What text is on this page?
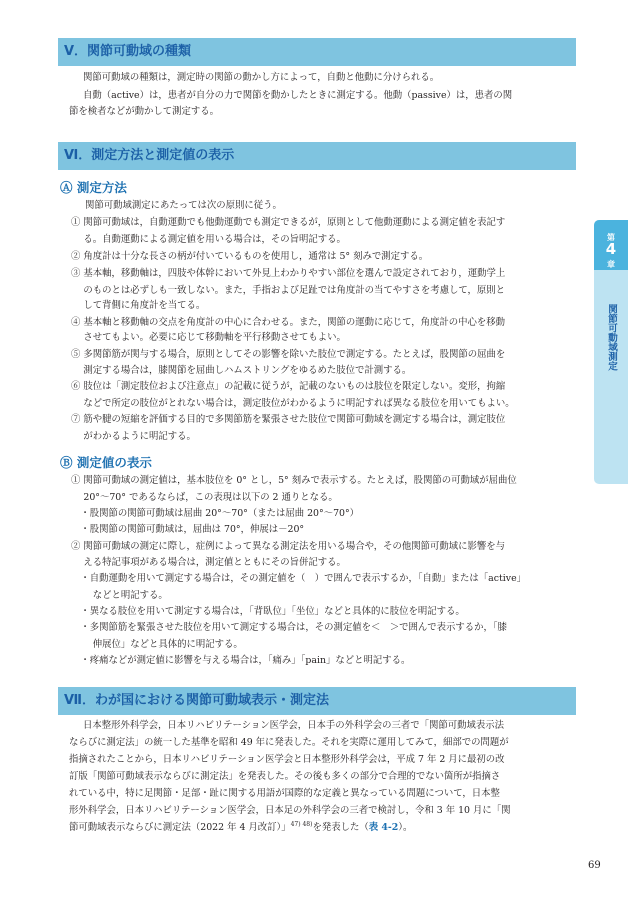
V．関節可動域の種類
関節可動域の種類は，測定時の関節の動かし方によって，自動と他動に分けられる。
自動（active）は，患者が自分の力で関節を動かしたときに測定する。他動（passive）は，患者の関
節を検者などが動かして測定する。
Ⅵ．測定方法と測定値の表示
Ⓐ 測定方法
関節可動域測定にあたっては次の原則に従う。
① 関節可動域は，自動運動でも他動運動でも測定できるが，原則として他動運動による測定値を表記す
　 る。自動運動による測定値を用いる場合は，その旨明記する。
② 角度計は十分な長さの柄が付いているものを使用し，通常は 5° 刻みで測定する。
③ 基本軸，移動軸は，四肢や体幹において外見上わかりやすい部位を選んで設定されており，運動学上
　 のものとは必ずしも一致しない。また，手指および足趾では角度計の当てやすさを考慮して，原則と
　 して背側に角度計を当てる。
④ 基本軸と移動軸の交点を角度計の中心に合わせる。また，関節の運動に応じて，角度計の中心を移動
　 させてもよい。必要に応じて移動軸を平行移動させてもよい。
⑤ 多関節筋が関与する場合，原則としてその影響を除いた肢位で測定する。たとえば，股関節の屈曲を
　 測定する場合は，膝関節を屈曲しハムストリングをゆるめた肢位で計測する。
⑥ 肢位は「測定肢位および注意点」の記載に従うが，記載のないものは肢位を限定しない。変形，拘縮
　 などで所定の肢位がとれない場合は，測定肢位がわかるように明記すれば異なる肢位を用いてもよい。
⑦ 筋や腱の短縮を評価する目的で多関節筋を緊張させた肢位で関節可動域を測定する場合は，測定肢位
　 がわかるように明記する。
Ⓑ 測定値の表示
① 関節可動域の測定値は，基本肢位を 0° とし，5° 刻みで表示する。たとえば，股関節の可動域が屈曲位
　 20°～70° であるならば，この表現は以下の 2 通りとなる。
　・股関節の関節可動域は屈曲 20°～70°（または屈曲 20°～70°）
　・股関節の関節可動域は，屈曲は 70°，伸展は－20°
② 関節可動域の測定に際し，症例によって異なる測定法を用いる場合や，その他関節可動域に影響を与
　 える特記事項がある場合は，測定値とともにその旨併記する。
　・自動運動を用いて測定する場合は，その測定値を（　）で囲んで表示するか，「自動」または「active」
　　 などと明記する。
　・異なる肢位を用いて測定する場合は，「背臥位」「坐位」などと具体的に肢位を明記する。
　・多関節筋を緊張させた肢位を用いて測定する場合は，その測定値を＜　＞で囲んで表示するか，「膝
　　 伸展位」などと具体的に明記する。
　・疼痛などが測定値に影響を与える場合は，「痛み」「pain」などと明記する。
Ⅶ．わが国における関節可動域表示・測定法
日本整形外科学会，日本リハビリテーション医学会，日本手の外科学会の三者で「関節可動域表示法
ならびに測定法」の統一した基準を昭和 49 年に発表した。それを実際に運用してみて，細部での問題が
指摘されたことから，日本リハビリテーション医学会と日本整形外科学会は，平成 7 年 2 月に最初の改
訂版「関節可動域表示ならびに測定法」を発表した。その後も多くの部分で合理的でない箇所が指摘さ
れている中，特に足関節・足部・趾に関する用語が国際的な定義と異なっている問題について，日本整
形外科学会，日本リハビリテーション医学会，日本足の外科学会の三者で検討し，令和 3 年 10 月に「関
節可動域表示ならびに測定法（2022 年 4 月改訂）」$^{47) 48)}$を発表した（表 4-2）。
第
4
章
関節可動域測定
69
